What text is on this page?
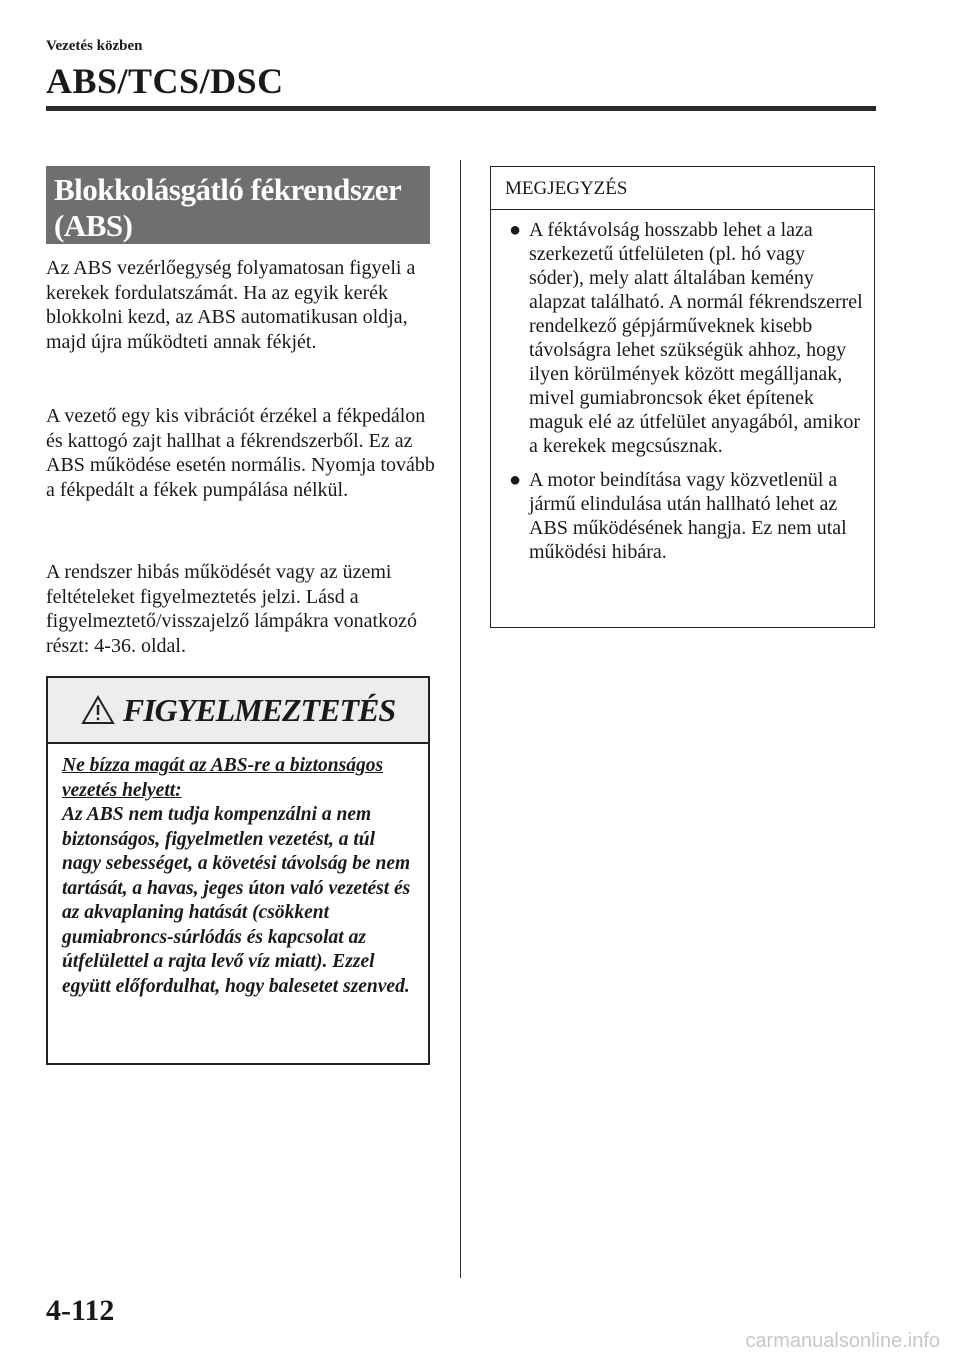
Vezetés közben
ABS/TCS/DSC
Blokkolásgátló fékrendszer
(ABS)

Az ABS vezérlőegység folyamatosan figyeli a kerekek fordulatszámát. Ha az egyik kerék blokkolni kezd, az ABS automatikusan oldja, majd újra működteti annak fékjét.

A vezető egy kis vibrációt érzékel a fékpedálon és kattogó zajt hallhat a fékrendszerből. Ez az ABS működése esetén normális. Nyomja tovább a fékpedált a fékek pumpálása nélkül.

A rendszer hibás működését vagy az üzemi feltételeket figyelmeztetés jelzi. Lásd a figyelmeztető/visszajelző lámpákra vonatkozó részt: 4-36. oldal.

FIGYELMEZTETÉS
Ne bízza magát az ABS-re a biztonságos vezetés helyett:
Az ABS nem tudja kompenzálni a nem biztonságos, figyelmetlen vezetést, a túl nagy sebességet, a követési távolság be nem tartását, a havas, jeges úton való vezetést és az akvaplaning hatását (csökkent gumiabroncs-súrlódás és kapcsolat az útfelülettel a rajta levő víz miatt). Ezzel együtt előfordulhat, hogy balesetet szenved.
MEGJEGYZÉS
● A féktávolság hosszabb lehet a laza szerkezetű útfelületen (pl. hó vagy sóder), mely alatt általában kemény alapzat található. A normál fékrendszerrel rendelkező gépjárműveknek kisebb távolságra lehet szükségük ahhoz, hogy ilyen körülmények között megálljanak, mivel gumiabroncsok éket építenek maguk elé az útfelület anyagából, amikor a kerekek megcsúsznak.
● A motor beindítása vagy közvetlenül a jármű elindulása után hallható lehet az ABS működésének hangja. Ez nem utal működési hibára.
4-112
carmanualsonline.info
